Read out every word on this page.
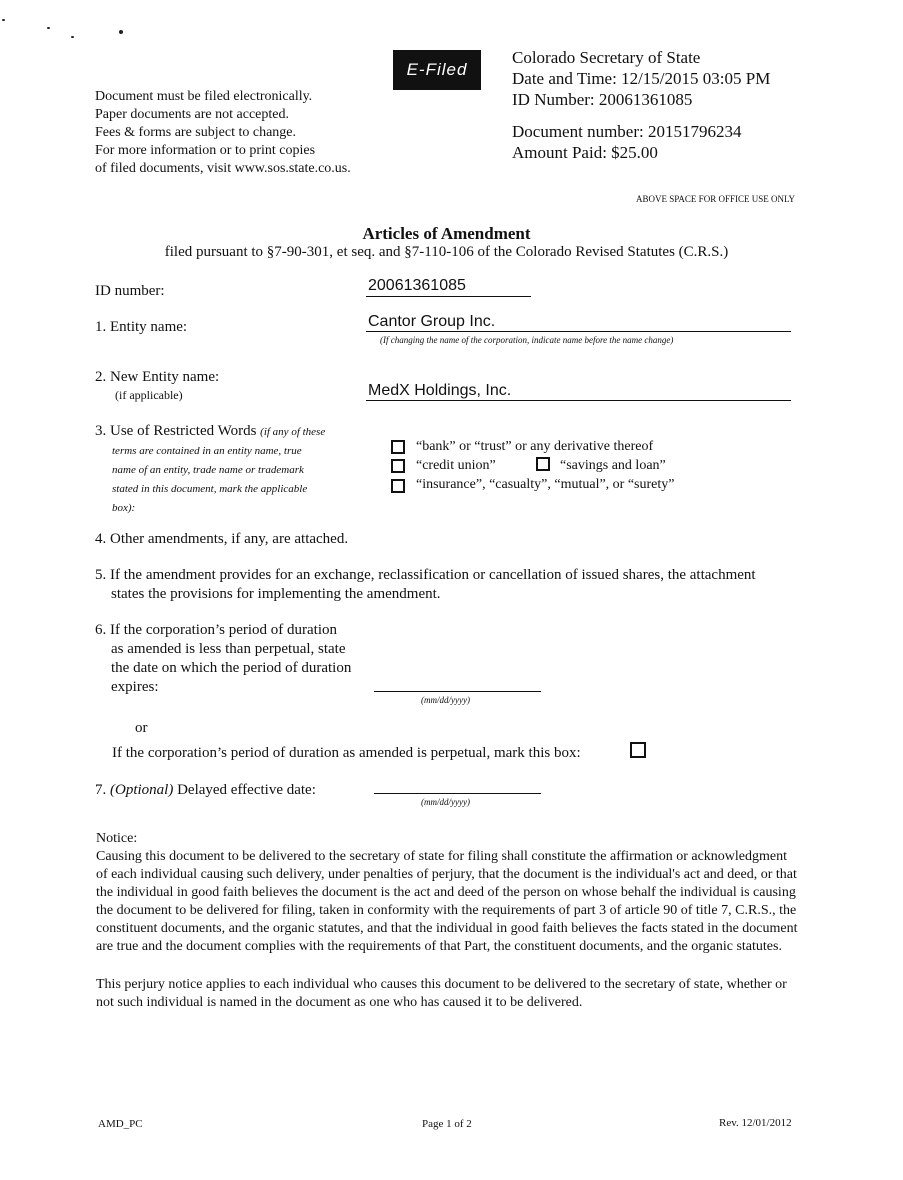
Document must be filed electronically.
Paper documents are not accepted.
Fees & forms are subject to change.
For more information or to print copies
of filed documents, visit www.sos.state.co.us.
E-Filed
Colorado Secretary of State
Date and Time: 12/15/2015 03:05 PM
ID Number: 20061361085
Document number: 20151796234
Amount Paid: $25.00
ABOVE SPACE FOR OFFICE USE ONLY
Articles of Amendment
filed pursuant to §7-90-301, et seq. and §7-110-106 of the Colorado Revised Statutes (C.R.S.)
ID number:	20061361085
1. Entity name:	Cantor Group Inc.
(If changing the name of the corporation, indicate name before the name change)
2. New Entity name:
(if applicable)	MedX Holdings, Inc.
3. Use of Restricted Words (if any of these
terms are contained in an entity name, true
name of an entity, trade name or trademark
stated in this document, mark the applicable
box):
“bank” or “trust” or any derivative thereof
“credit union”	“savings and loan”
“insurance”, “casualty”, “mutual”, or “surety”
4. Other amendments, if any, are attached.
5. If the amendment provides for an exchange, reclassification or cancellation of issued shares, the attachment
states the provisions for implementing the amendment.
6. If the corporation’s period of duration
as amended is less than perpetual, state
the date on which the period of duration
expires:
(mm/dd/yyyy)
or
If the corporation’s period of duration as amended is perpetual, mark this box:
7. (Optional) Delayed effective date:
(mm/dd/yyyy)

Notice:

Causing this document to be delivered to the secretary of state for filing shall constitute the affirmation or acknowledgment of each individual causing such delivery, under penalties of perjury, that the document is the individual's act and deed, or that the individual in good faith believes the document is the act and deed of the person on whose behalf the individual is causing the document to be delivered for filing, taken in conformity with the requirements of part 3 of article 90 of title 7, C.R.S., the constituent documents, and the organic statutes, and that the individual in good faith believes the facts stated in the document are true and the document complies with the requirements of that Part, the constituent documents, and the organic statutes.

This perjury notice applies to each individual who causes this document to be delivered to the secretary of state, whether or not such individual is named in the document as one who has caused it to be delivered.

AMD_PC	Page 1 of 2	Rev. 12/01/2012
